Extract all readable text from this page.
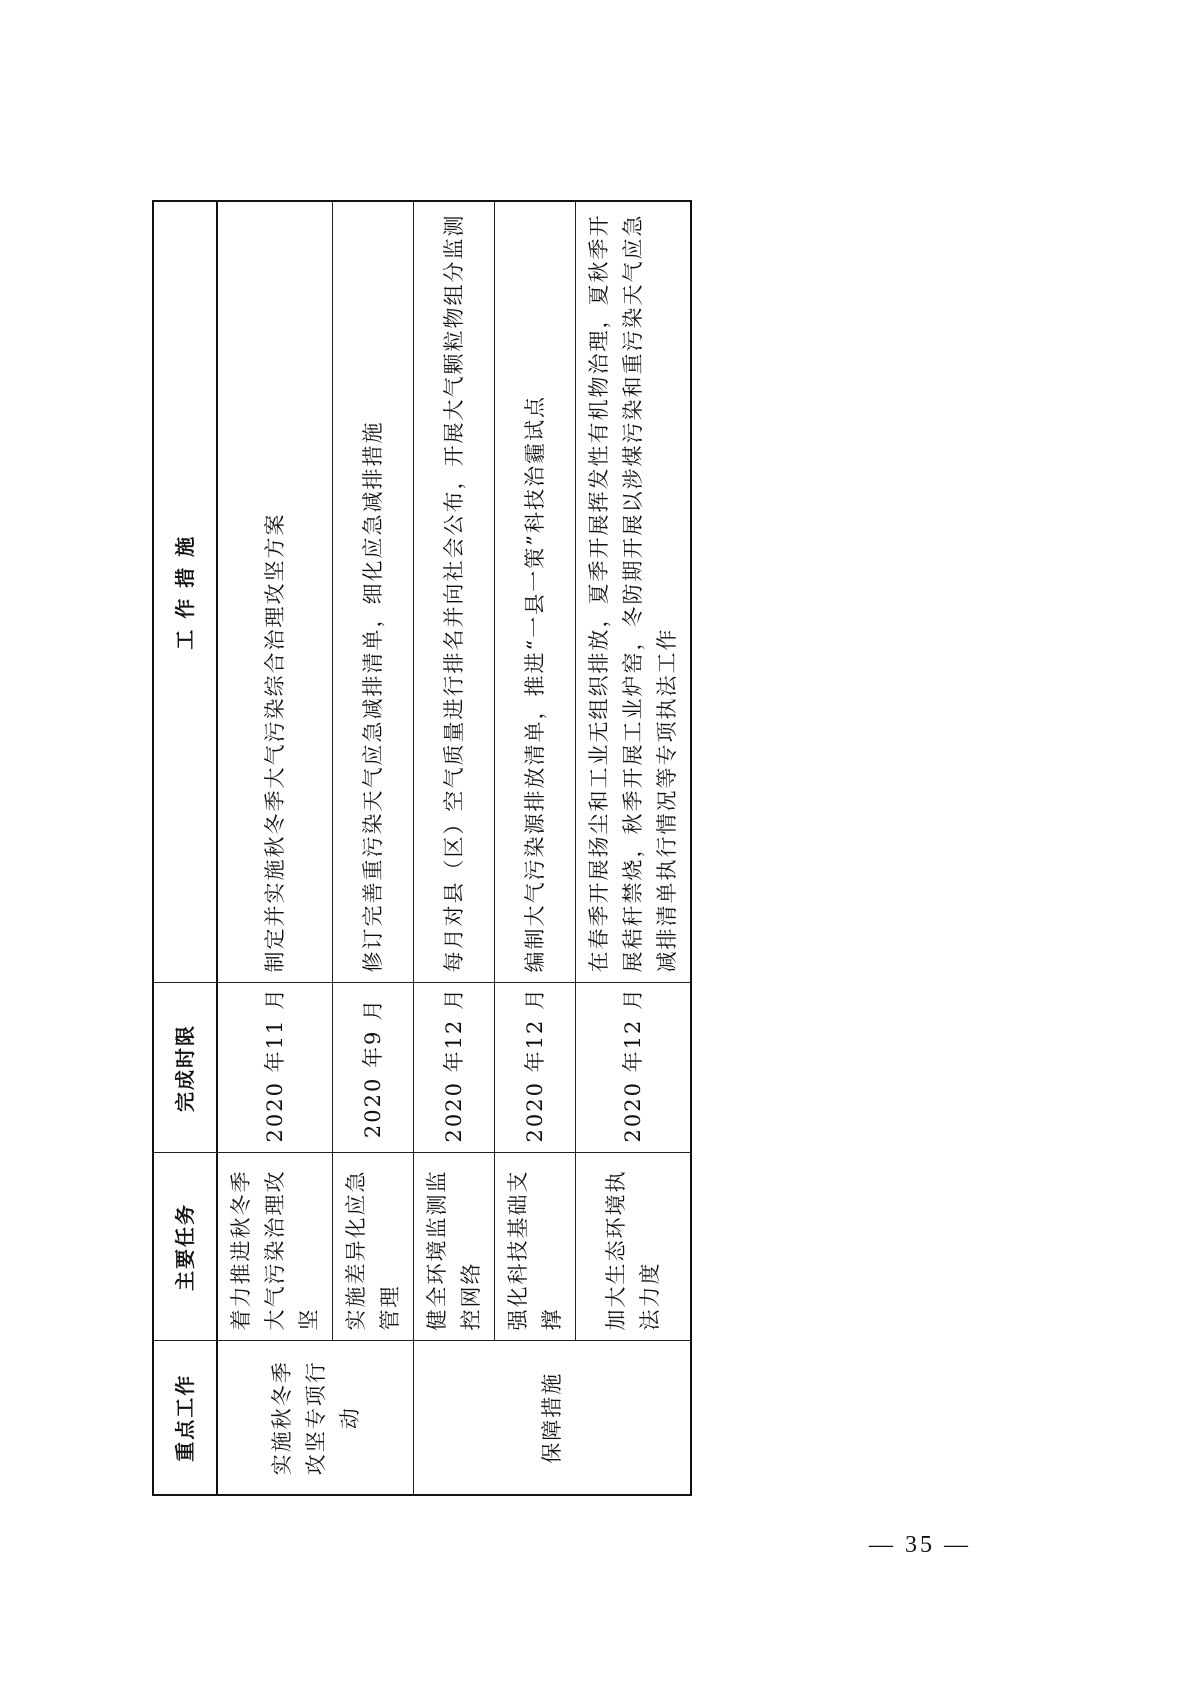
重点工作	主要任务	完成时限	工 作 措 施
实施秋冬季攻坚专项行动	着力推进秋冬季大气污染治理攻坚	2020 年11 月	制定并实施秋冬季大气污染综合治理攻坚方案
	实施差异化应急管理	2020 年9 月	修订完善重污染天气应急减排清单，细化应急减排措施
保障措施	健全环境监测监控网络	2020 年12 月	每月对县（区）空气质量进行排名并向社会公布，开展大气颗粒物组分监测
	强化科技基础支撑	2020 年12 月	编制大气污染源排放清单，推进“一县一策”科技治霾试点
	加大生态环境执法力度	2020 年12 月	在春季开展扬尘和工业无组织排放，夏季开展挥发性有机物治理，夏秋季开展秸秆禁烧，秋季开展工业炉窑，冬防期开展以涉煤污染和重污染天气应急减排清单执行情况等专项执法工作
— 35 —
